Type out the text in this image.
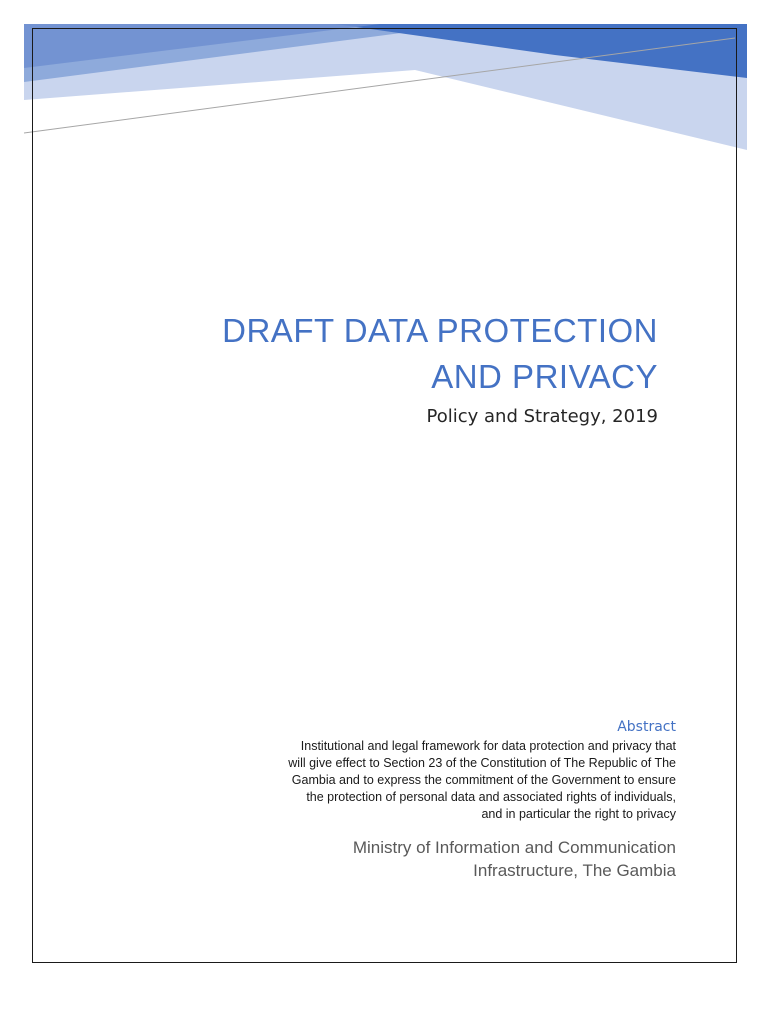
DRAFT DATA PROTECTION
AND PRIVACY
Policy and Strategy, 2019
Abstract
Institutional and legal framework for data protection and privacy that
will give effect to Section 23 of the Constitution of The Republic of The
Gambia and to express the commitment of the Government to ensure
the protection of personal data and associated rights of individuals,
and in particular the right to privacy
Ministry of Information and Communication
Infrastructure, The Gambia
